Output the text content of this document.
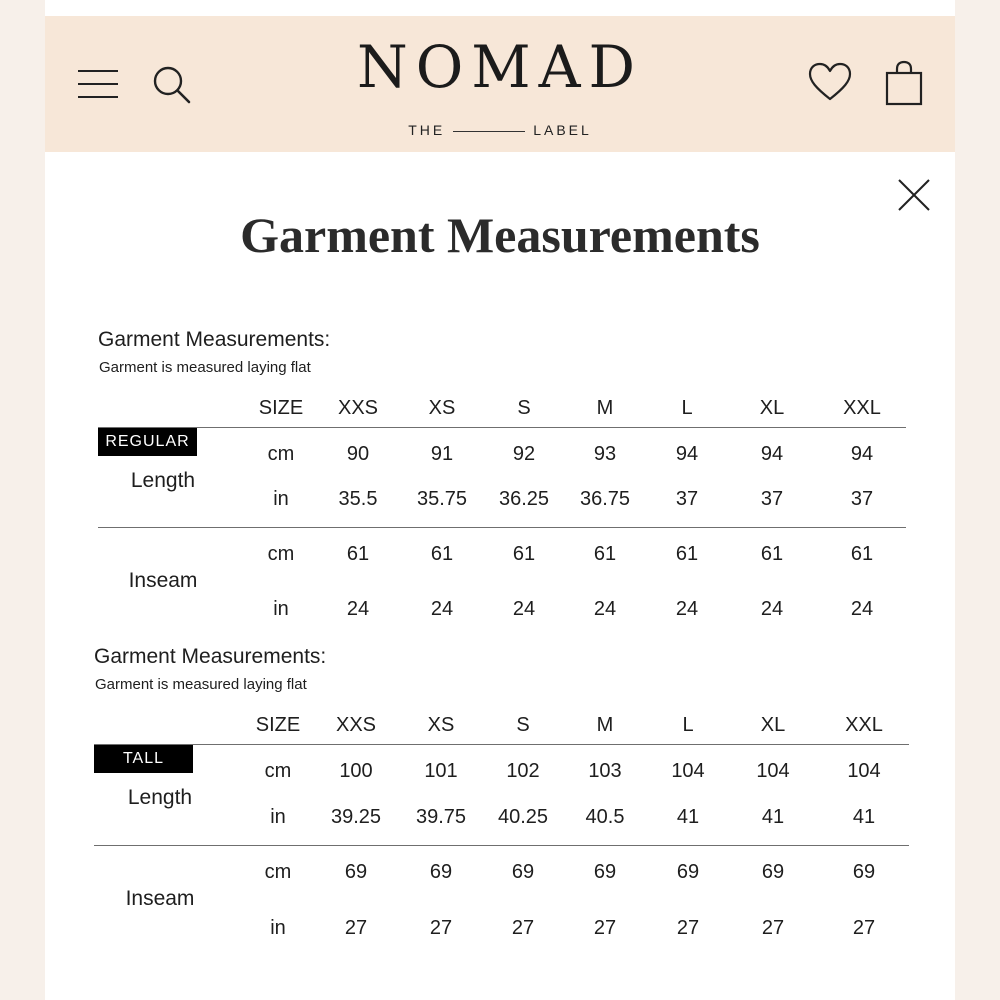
NOMAD
THE	LABEL
Garment Measurements
Garment Measurements:
Garment is measured laying flat
SIZE	XXS	XS	S	M	L	XL	XXL
REGULAR
Length
cm	90	91	92	93	94	94	94
in	35.5	35.75	36.25	36.75	37	37	37
Inseam
cm	61	61	61	61	61	61	61
in	24	24	24	24	24	24	24
Garment Measurements:
Garment is measured laying flat
SIZE	XXS	XS	S	M	L	XL	XXL
TALL
Length
cm	100	101	102	103	104	104	104
in	39.25	39.75	40.25	40.5	41	41	41
Inseam
cm	69	69	69	69	69	69	69
in	27	27	27	27	27	27	27
